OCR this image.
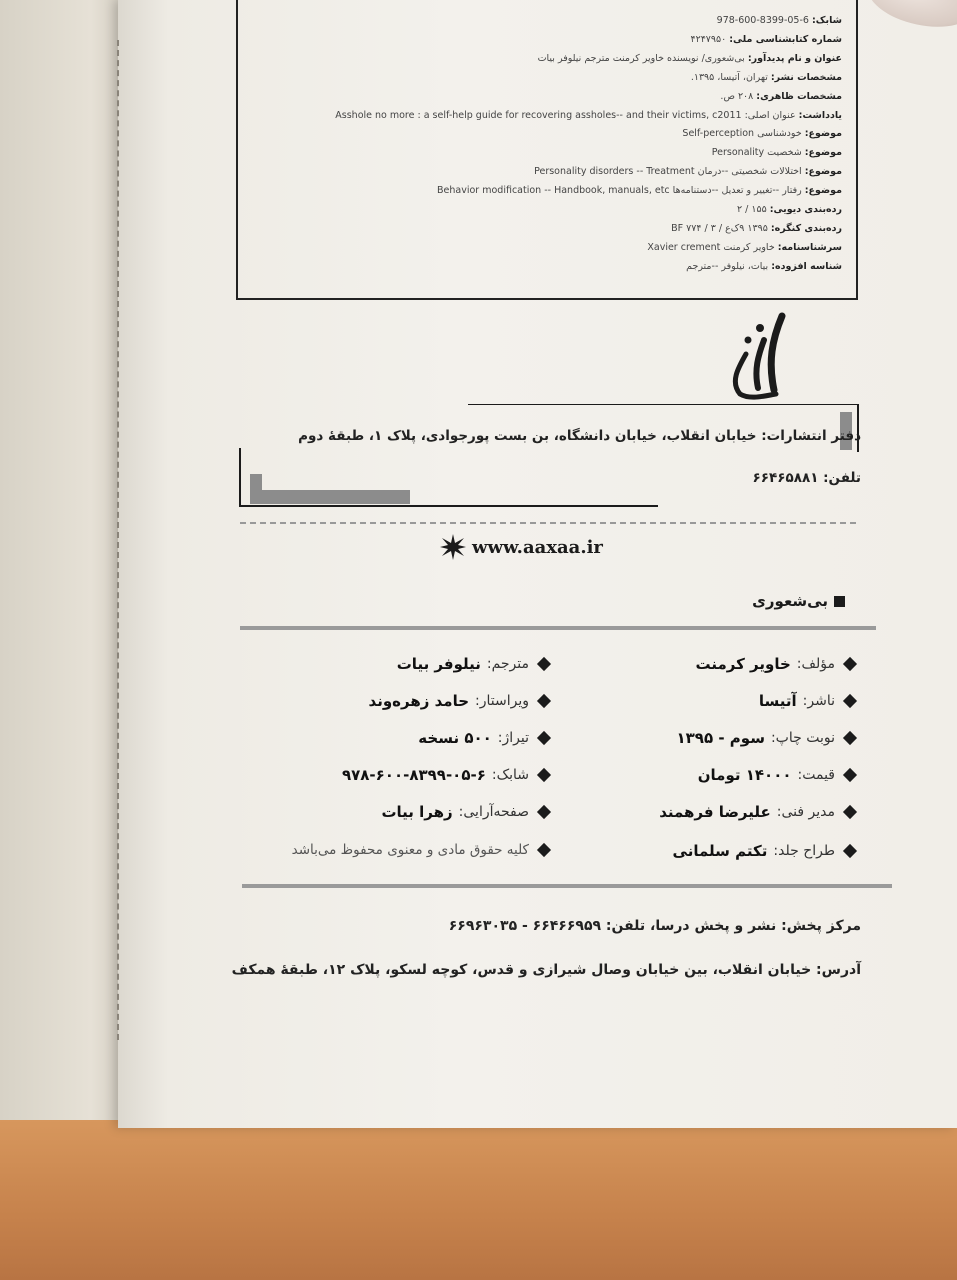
شابک: 978-600-8399-05-6
شماره کتابشناسی ملی: ۴۲۴۷۹۵۰
عنوان و نام پدیدآور: بی‌شعوری/ نویسنده خاویر کرمنت مترجم نیلوفر بیات
مشخصات نشر: تهران، آتیسا، ۱۳۹۵.
مشخصات ظاهری: ۲۰۸ ص.
یادداشت: عنوان اصلی: Asshole no more : a self-help guide for recovering assholes-- and their victims, c2011
موضوع: خودشناسی Self-perception
موضوع: شخصیت Personality
موضوع: اختلالات شخصیتی --درمان Personality disorders -- Treatment
موضوع: رفتار --تغییر و تعدیل --دستنامه‌ها Behavior modification -- Handbook, manuals, etc
رده‌بندی دیویی: ۱۵۵ / ۲
رده‌بندی کنگره: ۱۳۹۵ ۹ک‌ع / ۳ / BF ۷۷۴
سرشناسنامه: خاویر کرمنت Xavier crement
شناسه افزوده: بیات، نیلوفر --مترجم
دفتر انتشارات: خیابان انقلاب، خیابان دانشگاه، بن بست پورجوادی، پلاک ۱، طبقهٔ دوم
تلفن: ۶۶۴۶۵۸۸۱
www.aaxaa.ir
بی‌شعوری
مؤلف:
خاویر کرمنت
ناشر:
آتیسا
نوبت چاپ:
سوم - ۱۳۹۵
قیمت:
۱۴۰۰۰ تومان
مدیر فنی:
علیرضا فرهمند
طراح جلد:
تکتم سلمانی
مترجم:
نیلوفر بیات
ویراستار:
حامد زهره‌وند
تیراژ:
۵۰۰ نسخه
شابک:
۹۷۸-۶۰۰-۸۳۹۹-۰۵-۶
صفحه‌آرایی:
زهرا بیات
کلیه حقوق مادی و معنوی محفوظ می‌باشد
مرکز پخش: نشر و پخش درسا، تلفن: ۶۶۴۶۶۹۵۹ - ۶۶۹۶۳۰۳۵
آدرس: خیابان انقلاب، بین خیابان وصال شیرازی و قدس، کوچه لسکو، پلاک ۱۲، طبقهٔ همکف
